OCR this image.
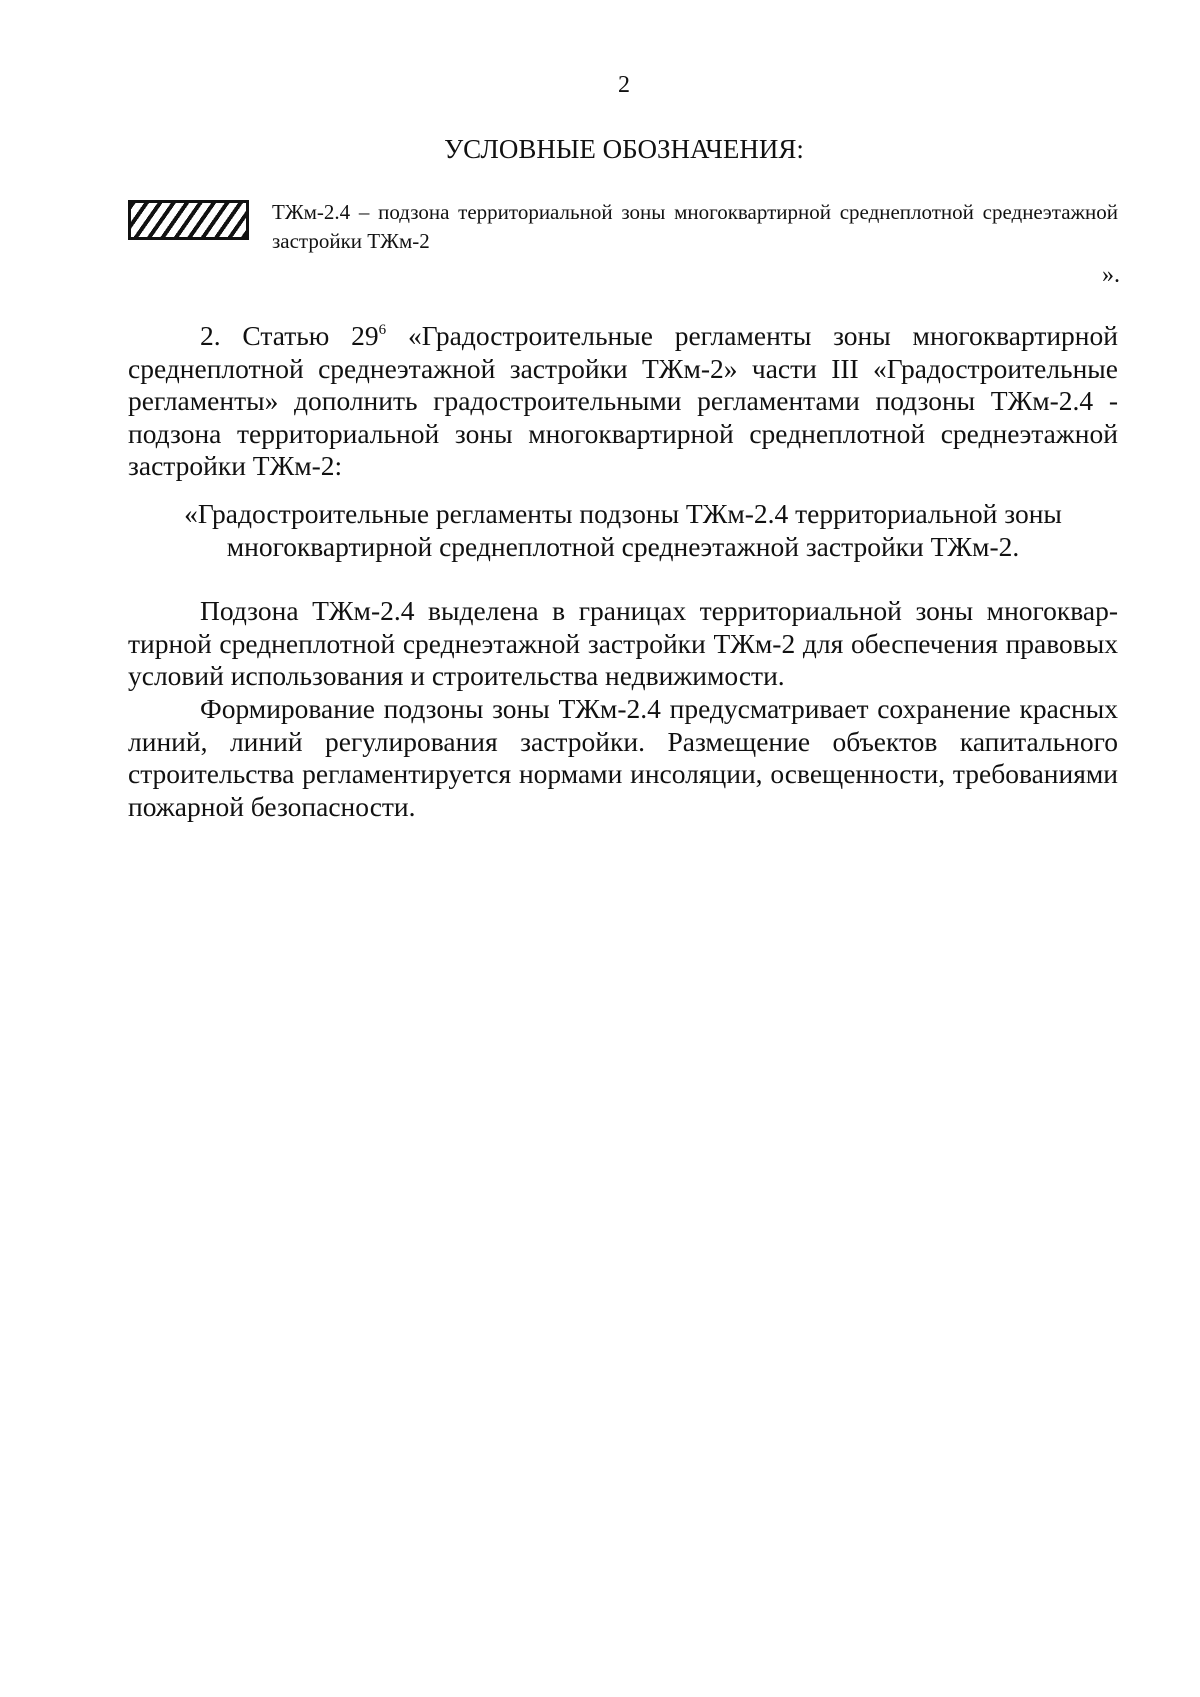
2
УСЛОВНЫЕ ОБОЗНАЧЕНИЯ:
ТЖм-2.4 – подзона территориальной зоны многоквартирной среднеплотной среднеэтажной застройки ТЖм-2
».

2. Статью $29^6$ «Градостроительные регламенты зоны многоквартирной среднеплотной среднеэтажной застройки ТЖм-2» части III «Градостроительные регламенты» дополнить градостроительными регламентами подзоны ТЖм-2.4 - подзона территориальной зоны многоквартирной среднеплотной среднеэтажной застройки ТЖм-2:

«Градостроительные регламенты подзоны ТЖм-2.4 территориальной зоны многоквартирной среднеплотной среднеэтажной застройки ТЖм-2.

Подзона ТЖм-2.4 выделена в границах территориальной зоны многоквартирной среднеплотной среднеэтажной застройки ТЖм-2 для обеспечения правовых условий использования и строительства недвижимости.

Формирование подзоны зоны ТЖм-2.4 предусматривает сохранение красных линий, линий регулирования застройки. Размещение объектов капитального строительства регламентируется нормами инсоляции, освещенности, требованиями пожарной безопасности.
